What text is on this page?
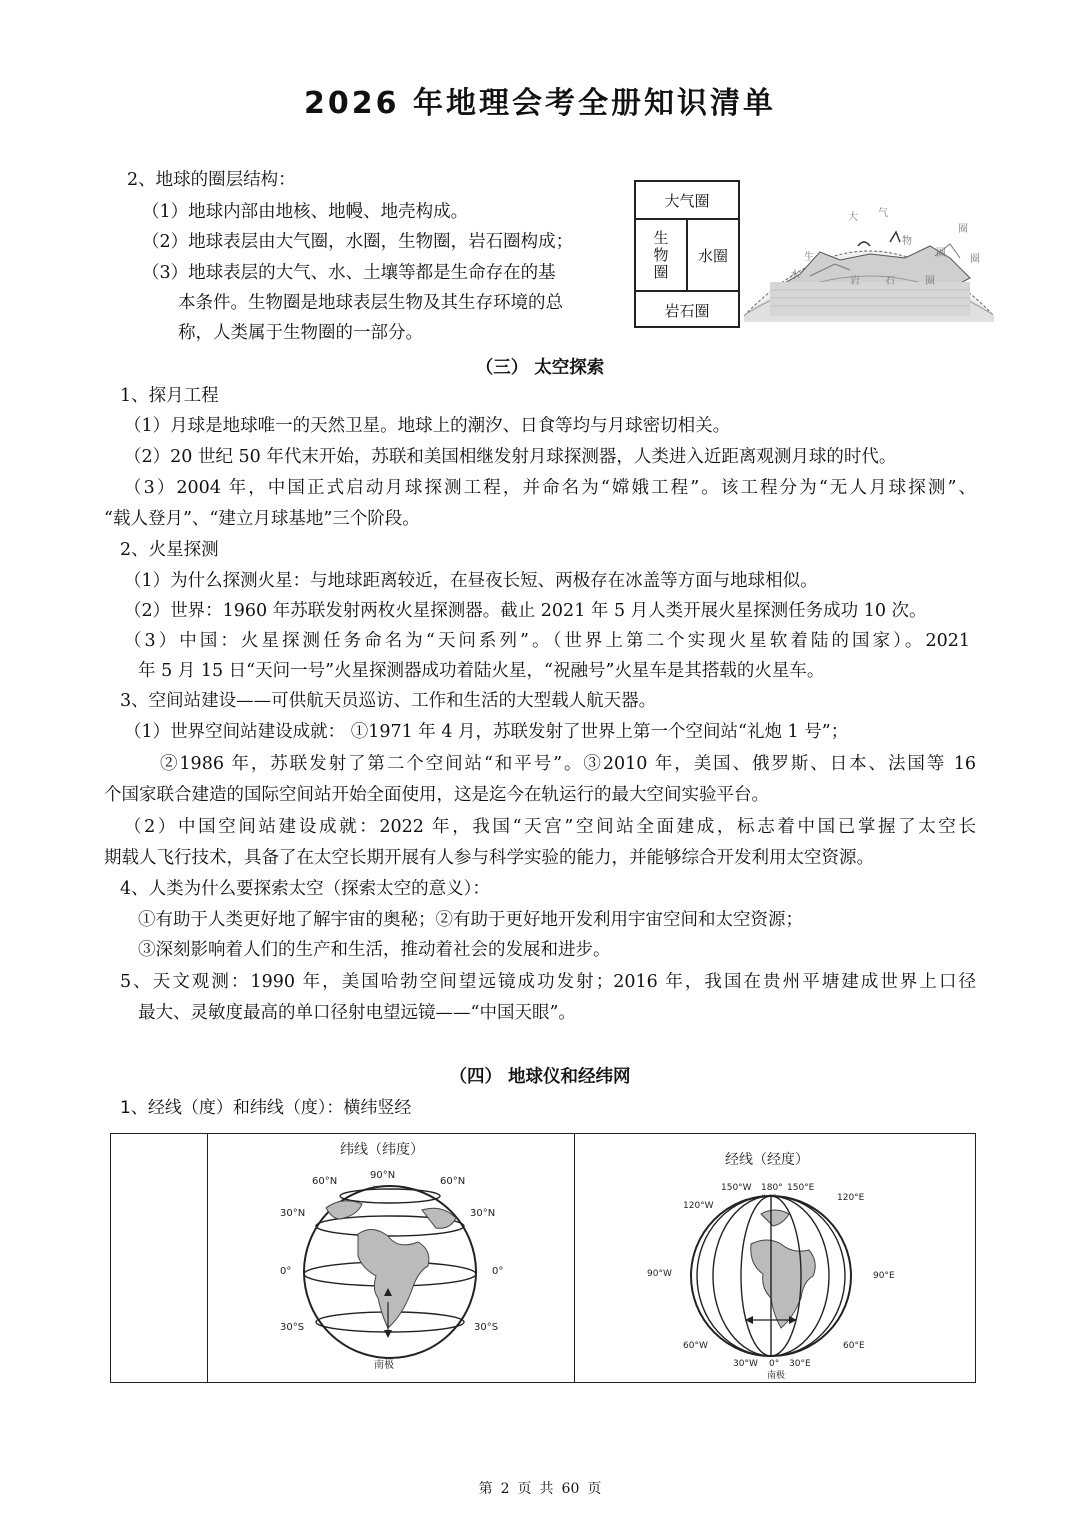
2026 年地理会考全册知识清单
2、地球的圈层结构：
（1）地球内部由地核、地幔、地壳构成。
（2）地球表层由大气圈，水圈，生物圈，岩石圈构成；
（3）地球表层的大气、水、土壤等都是生命存在的基
本条件。生物圈是地球表层生物及其生存环境的总
称，人类属于生物圈的一部分。
大气圈
生物圈	水圈
岩石圈
大 气
圈
水
圈
生
物
圈
岩	石	圈
（三） 太空探索
1、探月工程
（1）月球是地球唯一的天然卫星。地球上的潮汐、日食等均与月球密切相关。
（2）20 世纪 50 年代末开始，苏联和美国相继发射月球探测器，人类进入近距离观测月球的时代。
（3）2004 年，中国正式启动月球探测工程，并命名为“嫦娥工程”。该工程分为“无人月球探测”、
“载人登月”、“建立月球基地”三个阶段。
2、火星探测
（1）为什么探测火星：与地球距离较近，在昼夜长短、两极存在冰盖等方面与地球相似。
（2）世界：1960 年苏联发射两枚火星探测器。截止 2021 年 5 月人类开展火星探测任务成功 10 次。
（3）中国：火星探测任务命名为“天问系列”。（世界上第二个实现火星软着陆的国家）。2021
年 5 月 15 日“天问一号”火星探测器成功着陆火星，“祝融号”火星车是其搭载的火星车。
3、空间站建设——可供航天员巡访、工作和生活的大型载人航天器。
（1）世界空间站建设成就： ①1971 年 4 月，苏联发射了世界上第一个空间站“礼炮 1 号”；
②1986 年，苏联发射了第二个空间站“和平号”。③2010 年，美国、俄罗斯、日本、法国等 16
个国家联合建造的国际空间站开始全面使用，这是迄今在轨运行的最大空间实验平台。
（2）中国空间站建设成就：2022 年，我国“天宫”空间站全面建成，标志着中国已掌握了太空长
期载人飞行技术，具备了在太空长期开展有人参与科学实验的能力，并能够综合开发利用太空资源。
4、人类为什么要探索太空（探索太空的意义）：
①有助于人类更好地了解宇宙的奥秘；②有助于更好地开发利用宇宙空间和太空资源；
③深刻影响着人们的生产和生活，推动着社会的发展和进步。
5、天文观测：1990 年，美国哈勃空间望远镜成功发射；2016 年，我国在贵州平塘建成世界上口径
最大、灵敏度最高的单口径射电望远镜——“中国天眼”。
（四） 地球仪和经纬网
1、经线（度）和纬线（度）：横纬竖经

纬线（纬度）
90°N
60°N	60°N
30°N	30°N
0°	0°
30°S	30°S
南极

经线（经度）
150°W 180° 150°E
120°W
120°E
90°W	90°E
60°W	60°E
30°W 0° 30°E
南极
第 2 页 共 60 页
